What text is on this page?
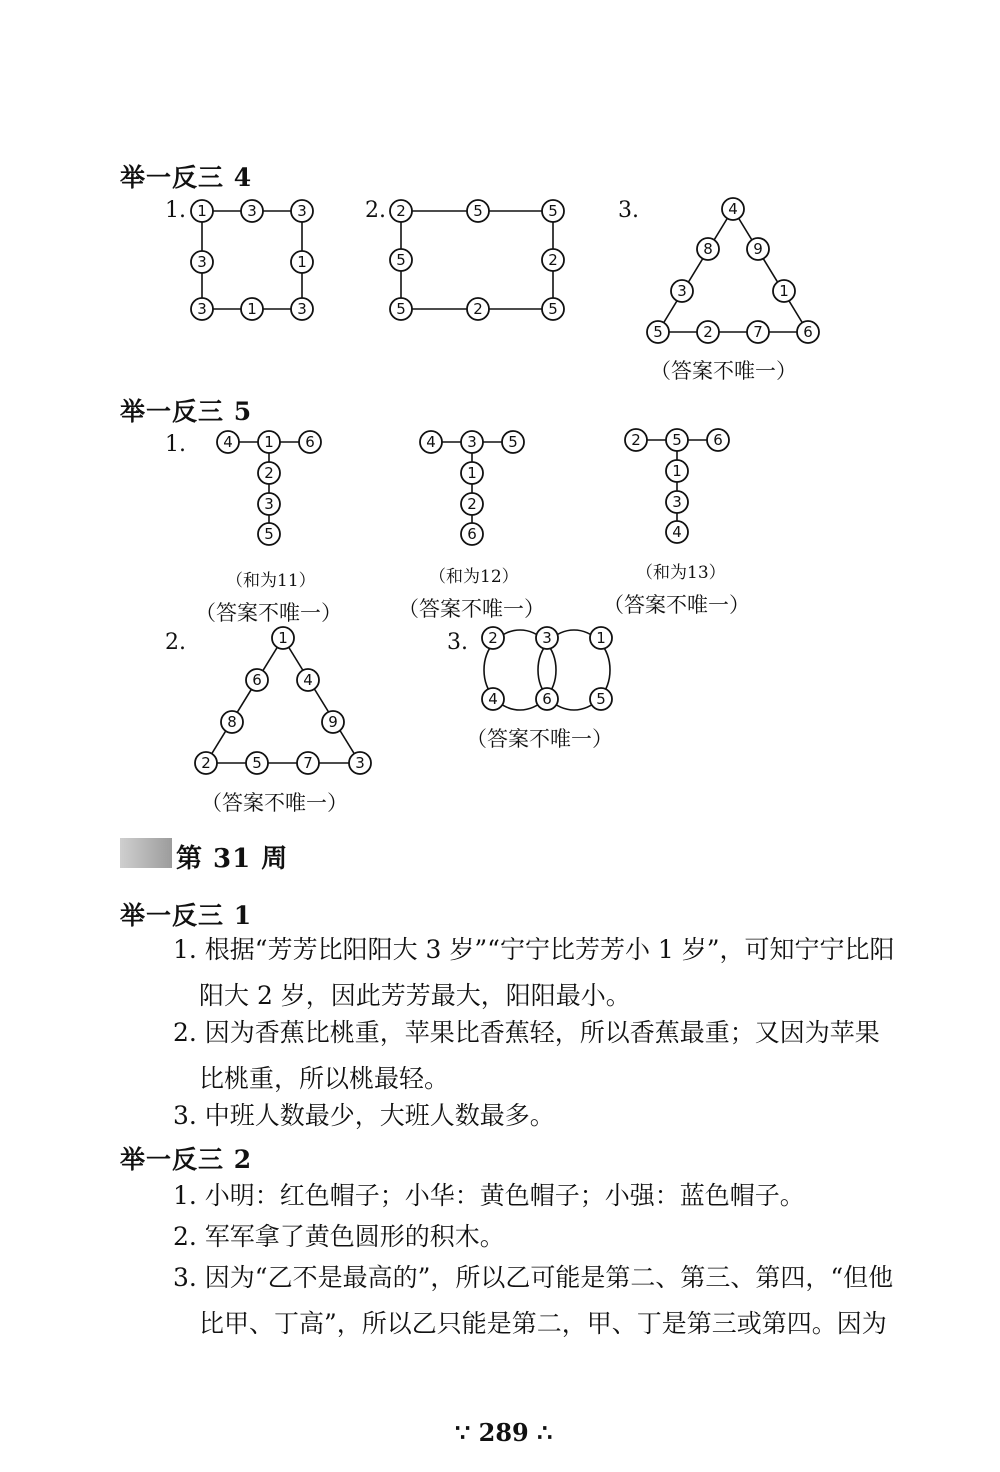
举一反三 4
1. 1	3	3
3	1
3	1	3
2. 2	5	5
5	2
5	2	5
3.	4
8	9
3	1
5	2	7	6
（答案不唯一）
举一反三 5
1. 4 1 6
2
3
5
（和为11）
（答案不唯一）
4 3 5
1
2
6
（和为12）
（答案不唯一）
2 5 6
1
3
4
（和为13）
（答案不唯一）
2.	1
6	4
8	9
2	5	7	3
（答案不唯一）
3. 2	3	1
4	6	5
（答案不唯一）
第 31 周
举一反三 1
1. 根据“芳芳比阳阳大 3 岁”“宁宁比芳芳小 1 岁”，可知宁宁比阳
阳大 2 岁，因此芳芳最大，阳阳最小。
2. 因为香蕉比桃重，苹果比香蕉轻，所以香蕉最重；又因为苹果
比桃重，所以桃最轻。
3. 中班人数最少，大班人数最多。
举一反三 2
1. 小明：红色帽子；小华：黄色帽子；小强：蓝色帽子。
2. 军军拿了黄色圆形的积木。
3. 因为“乙不是最高的”，所以乙可能是第二、第三、第四，“但他
比甲、丁高”，所以乙只能是第二，甲、丁是第三或第四。因为
∵ 289 ∴
